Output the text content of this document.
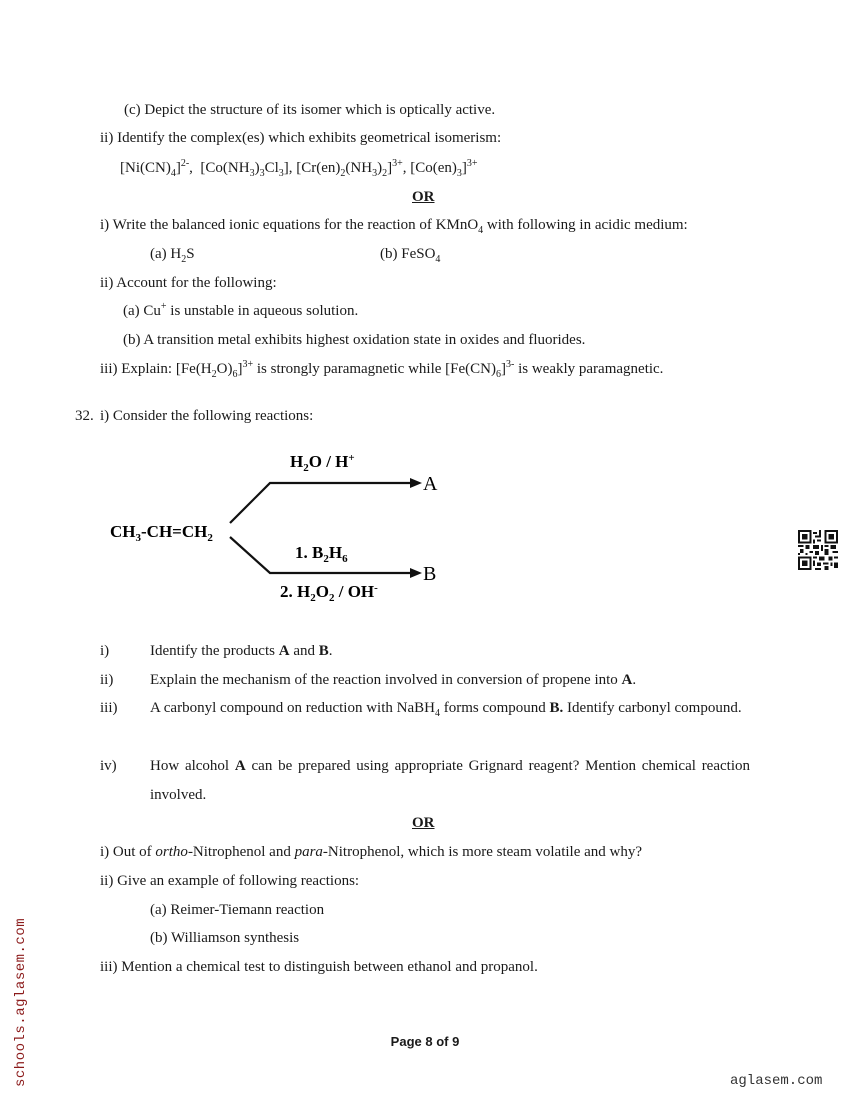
(c) Depict the structure of its isomer which is optically active.
ii) Identify the complex(es) which exhibits geometrical isomerism:
$[Ni(CN)_4]^{2-}$,  $[Co(NH_3)_3Cl_3]$, $[Cr(en)_2(NH_3)_2]^{3+}$, $[Co(en)_3]^{3+}$
OR
i) Write the balanced ionic equations for the reaction of KMnO$_4$ with following in acidic medium:
(a) $H_2S$	(b) FeSO$_4$
ii) Account for the following:
(a) Cu+ is unstable in aqueous solution.
(b) A transition metal exhibits highest oxidation state in oxides and fluorides.
iii) Explain: $[Fe(H_2O)_6]^{3+}$ is strongly paramagnetic while $[Fe(CN)_6]^{3-}$ is weakly paramagnetic.
32. i) Consider the following reactions:
$CH_3-CH=CH_2$
$H_2O / H^+$
A
1. $B_2H_6$
B
2. $H_2O_2 / OH^-$
i)	Identify the products A and B.
ii) Explain the mechanism of the reaction involved in conversion of propene into A.
iii) A carbonyl compound on reduction with NaBH$_4$ forms compound B. Identify carbonyl compound.
iv) How alcohol A can be prepared using appropriate Grignard reagent? Mention chemical reaction involved.
OR
i) Out of ortho-Nitrophenol and para-Nitrophenol, which is more steam volatile and why?
ii) Give an example of following reactions:
(a) Reimer-Tiemann reaction
(b) Williamson synthesis
iii) Mention a chemical test to distinguish between ethanol and propanol.
schools.aglasem.com	aglasem.com
Page 8 of 9
